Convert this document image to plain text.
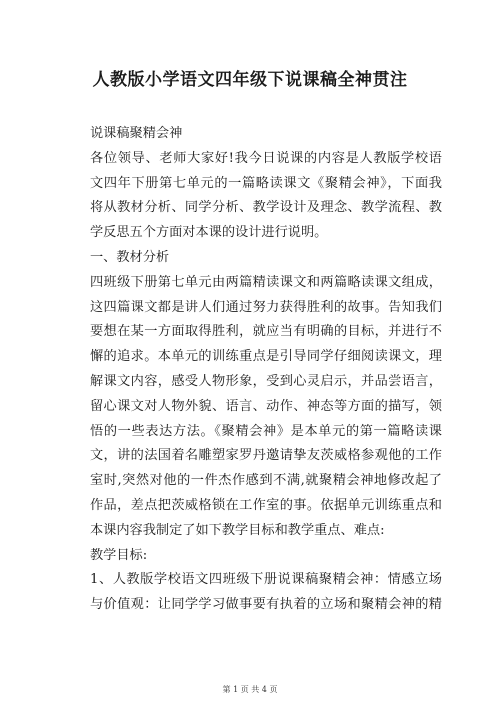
人教版小学语文四年级下说课稿全神贯注
说课稿聚精会神
各位领导、老师大家好!我今日说课的内容是人教版学校语
文四年下册第七单元的一篇略读课文《聚精会神》，下面我
将从教材分析、同学分析、教学设计及理念、教学流程、教
学反思五个方面对本课的设计进行说明。
一、教材分析
四班级下册第七单元由两篇精读课文和两篇略读课文组成，
这四篇课文都是讲人们通过努力获得胜利的故事。告知我们
要想在某一方面取得胜利，就应当有明确的目标，并进行不
懈的追求。本单元的训练重点是引导同学仔细阅读课文，理
解课文内容，感受人物形象，受到心灵启示，并品尝语言，
留心课文对人物外貌、语言、动作、神态等方面的描写，领
悟的一些表达方法。《聚精会神》是本单元的第一篇略读课
文，讲的法国着名雕塑家罗丹邀请挚友茨威格参观他的工作
室时,突然对他的一件杰作感到不满,就聚精会神地修改起了
作品，差点把茨威格锁在工作室的事。依据单元训练重点和
本课内容我制定了如下教学目标和教学重点、难点:
教学目标:
1、人教版学校语文四班级下册说课稿聚精会神：情感立场
与价值观：让同学学习做事要有执着的立场和聚精会神的精
第 1 页 共 4 页
